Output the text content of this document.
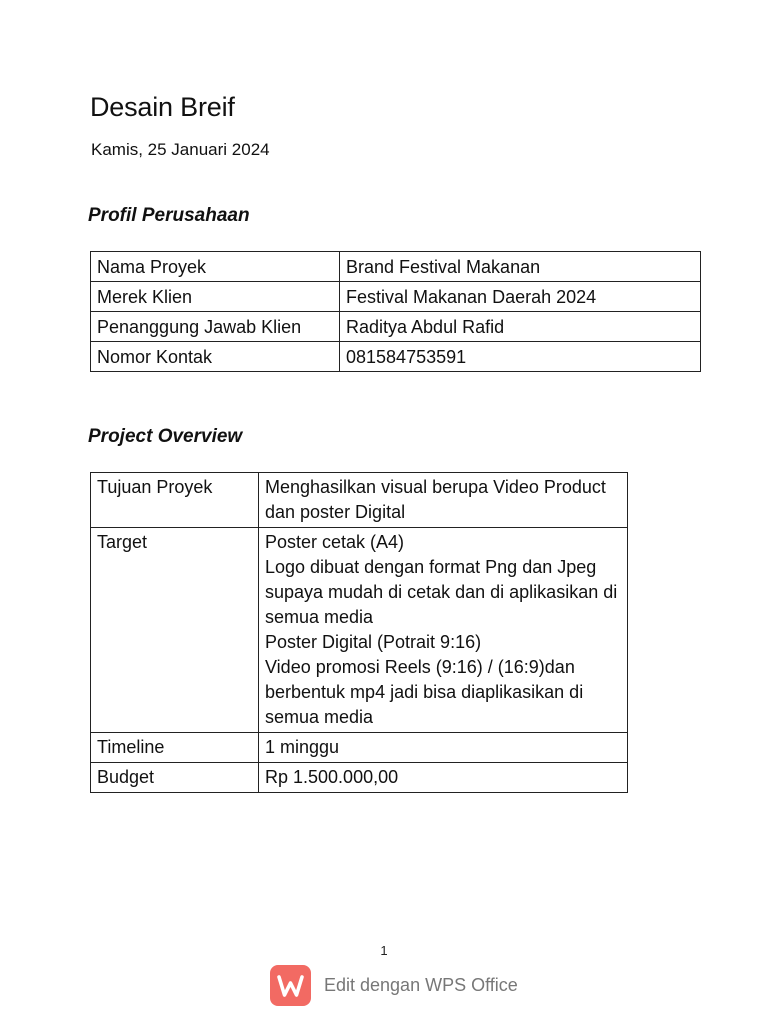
Desain Breif

Kamis, 25 Januari 2024

Profil Perusahaan
Nama Proyek	Brand Festival Makanan
Merek Klien	Festival Makanan Daerah 2024
Penanggung Jawab Klien	Raditya Abdul Rafid
Nomor Kontak	081584753591
Project Overview
Tujuan Proyek	Menghasilkan visual berupa Video Product dan poster Digital
Target	Poster cetak (A4)
Logo dibuat dengan format Png dan Jpeg supaya mudah di cetak dan di aplikasikan di semua media
Poster Digital (Potrait 9:16)
Video promosi Reels (9:16) / (16:9)dan berbentuk mp4 jadi bisa diaplikasikan di semua media

Timeline	1 minggu
Budget	Rp 1.500.000,00
1
Edit dengan WPS Office
